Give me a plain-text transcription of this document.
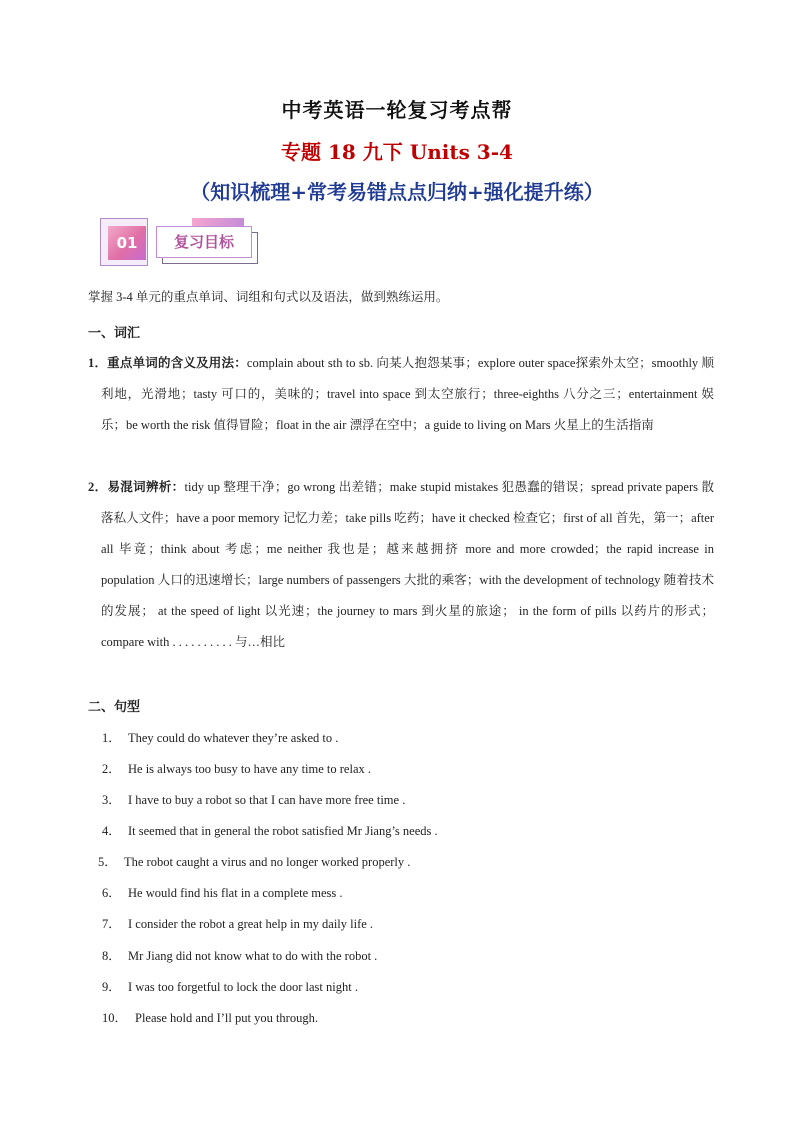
中考英语一轮复习考点帮
专题 18 九下 Units 3-4
（知识梳理+常考易错点点归纳+强化提升练）
01	复习目标
掌握 3-4 单元的重点单词、词组和句式以及语法，做到熟练运用。
一、词汇
1．重点单词的含义及用法：complain about sth to sb. 向某人抱怨某事；explore outer space探索外太空；smoothly 顺利地，光滑地；tasty 可口的，美味的；travel into space 到太空旅行；three-eighths 八分之三；entertainment 娱乐；be worth the risk 值得冒险；float in the air 漂浮在空中；a guide to living on Mars 火星上的生活指南
2．易混词辨析：tidy up 整理干净；go wrong 出差错；make stupid mistakes 犯愚蠢的错误；spread private papers 散落私人文件；have a poor memory 记忆力差；take pills 吃药；have it checked 检查它；first of all 首先，第一；after all 毕竟；think about 考虑；me neither 我也是；越来越拥挤 more and more crowded；the rapid increase in population 人口的迅速增长；large numbers of passengers 大批的乘客；with the development of technology 随着技术的发展； at the speed of light 以光速；the journey to mars 到火星的旅途； in the form of pills 以药片的形式；compare with . . . . . . . . . . 与…相比
二、句型
1． They could do whatever they’re asked to .
2． He is always too busy to have any time to relax .
3． I have to buy a robot so that I can have more free time .
4． It seemed that in general the robot satisfied Mr Jiang’s needs .
5． The robot caught a virus and no longer worked properly .
6． He would find his flat in a complete mess .
7． I consider the robot a great help in my daily life .
8． Mr Jiang did not know what to do with the robot .
9． I was too forgetful to lock the door last night .
10． Please hold and I’ll put you through.
